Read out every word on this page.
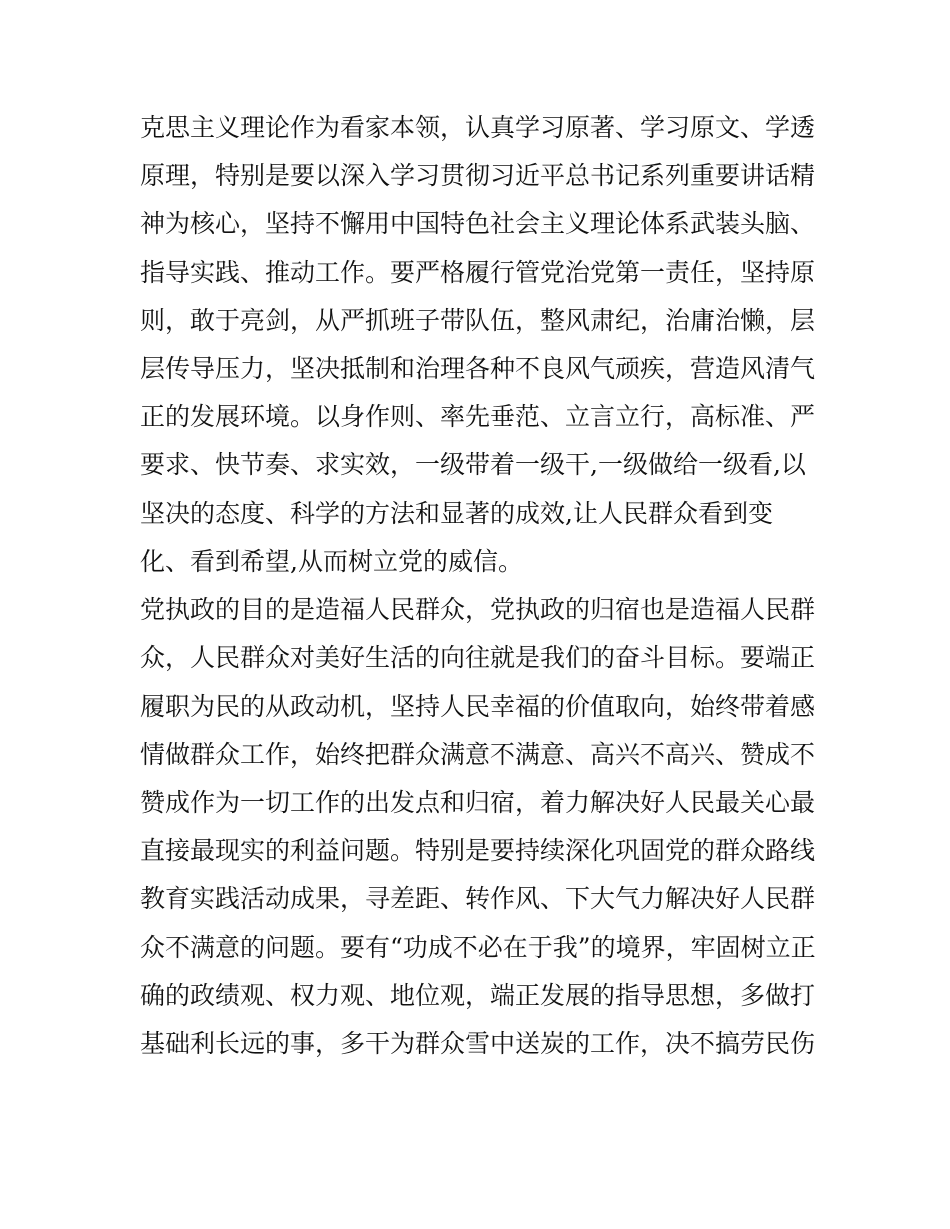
克思主义理论作为看家本领，认真学习原著、学习原文、学透
原理，特别是要以深入学习贯彻习近平总书记系列重要讲话精
神为核心，坚持不懈用中国特色社会主义理论体系武装头脑、
指导实践、推动工作。要严格履行管党治党第一责任，坚持原
则，敢于亮剑，从严抓班子带队伍，整风肃纪，治庸治懒，层
层传导压力，坚决抵制和治理各种不良风气顽疾，营造风清气
正的发展环境。以身作则、率先垂范、立言立行，高标准、严
要求、快节奏、求实效，一级带着一级干,一级做给一级看,以
坚决的态度、科学的方法和显著的成效,让人民群众看到变
化、看到希望,从而树立党的威信。
党执政的目的是造福人民群众，党执政的归宿也是造福人民群
众，人民群众对美好生活的向往就是我们的奋斗目标。要端正
履职为民的从政动机，坚持人民幸福的价值取向，始终带着感
情做群众工作，始终把群众满意不满意、高兴不高兴、赞成不
赞成作为一切工作的出发点和归宿，着力解决好人民最关心最
直接最现实的利益问题。特别是要持续深化巩固党的群众路线
教育实践活动成果，寻差距、转作风、下大气力解决好人民群
众不满意的问题。要有“功成不必在于我”的境界，牢固树立正
确的政绩观、权力观、地位观，端正发展的指导思想，多做打
基础利长远的事，多干为群众雪中送炭的工作，决不搞劳民伤
